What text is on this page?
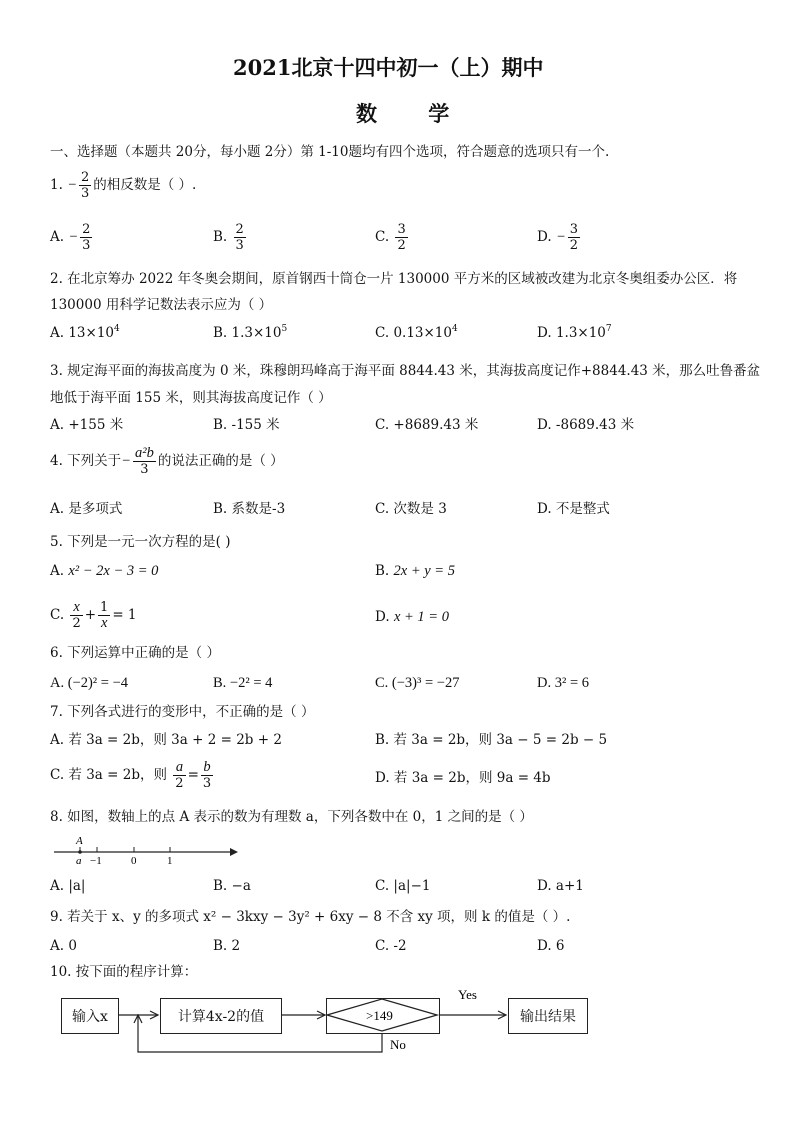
2021北京十四中初一（上）期中
数 学
一、选择题（本题共 20分，每小题 2分）第 1-10题均有四个选项，符合题意的选项只有一个.
1. − $\frac{2}{3}$ 的相反数是（ ）.
A. − $\frac{2}{3}$	B. $\frac{2}{3}$	C. $\frac{3}{2}$	D. − $\frac{3}{2}$
2. 在北京筹办 2022 年冬奥会期间，原首钢西十筒仓一片 130000 平方米的区域被改建为北京冬奥组委办公区．将
130000 用科学记数法表示应为（ ）
A. $13\times 10^4$	B. $1.3\times 10^5$	C. $0.13\times 10^4$	D. $1.3\times 10^7$
3. 规定海平面的海拔高度为 0 米，珠穆朗玛峰高于海平面 8844.43 米，其海拔高度记作+8844.43 米，那么吐鲁番盆
地低于海平面 155 米，则其海拔高度记作（ ）
A. +155 米	B. -155 米	C. +8689.43 米	D. -8689.43 米
4. 下列关于− $\frac{\text{a²b}}{3}$ 的说法正确的是（ ）
A. 是多项式	B. 系数是-3	C. 次数是 3	D. 不是整式
5. 下列是一元一次方程的是( )
A. x² − 2x − 3 = 0	B. 2x + y = 5
C. $\frac{x}{2} + \frac{1}{x} = 1$	D. x + 1 = 0
6. 下列运算中正确的是（ ）
A. (−2)² = −4	B. −2² = 4	C. (−3)³ = −27	D. 3² = 6
7. 下列各式进行的变形中，不正确的是（ ）
A. 若 3a = 2b，则 3a + 2 = 2b + 2	B. 若 3a = 2b，则 3a − 5 = 2b − 5
C. 若 3a = 2b，则 $\frac{a}{2} = \frac{b}{3}$	D. 若 3a = 2b，则 9a = 4b
8. 如图，数轴上的点 A 表示的数为有理数 a，下列各数中在 0，1 之间的是（ ）
A
a −1	0	1
A. |a|	B. −a	C. |a|−1	D. a+1
9. 若关于 x、y 的多项式 x² − 3kxy − 3y² + 6xy − 8 不含 xy 项，则 k 的值是（ ）.
A. 0	B. 2	C. -2	D. 6
10. 按下面的程序计算：
输入x	计算4x-2的值	输出结果
>149
Yes
No
